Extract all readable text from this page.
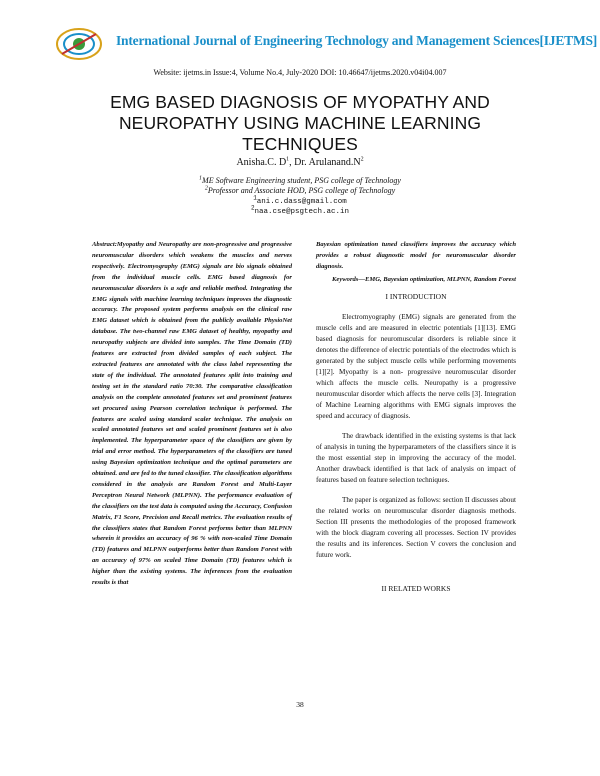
International Journal of Engineering Technology and Management Sciences[IJETMS]
Website: ijetms.in Issue:4, Volume No.4, July-2020 DOI: 10.46647/ijetms.2020.v04i04.007
EMG BASED DIAGNOSIS OF MYOPATHY AND NEUROPATHY USING MACHINE LEARNING TECHNIQUES
Anisha.C. $D^1$, Dr. $Arulanand.N^2$
$^1$ME Software Engineering student, PSG college of Technology
$^2$Professor and Associate HOD, PSG college of Technology
$^1$ani.c.dass@gmail.com
$^2$naa.cse@psgtech.ac.in
Abstract:Myopathy and Neuropathy are non-progressive and progressive neuromuscular disorders which weakens the muscles and nerves respectively. Electromyography (EMG) signals are bio signals obtained from the individual muscle cells. EMG based diagnosis for neuromuscular disorders is a safe and reliable method. Integrating the EMG signals with machine learning techniques improves the diagnostic accuracy. The proposed system performs analysis on the clinical raw EMG dataset which is obtained from the publicly available PhysioNet database. The two-channel raw EMG dataset of healthy, myopathy and neuropathy subjects are divided into samples. The Time Domain (TD) features are extracted from divided samples of each subject. The extracted features are annotated with the class label representing the state of the individual. The annotated features split into training and testing set in the standard ratio 70:30. The comparative classification analysis on the complete annotated features set and prominent features set procured using Pearson correlation technique is performed. The features are scaled using standard scaler technique. The analysis on scaled annotated features set and scaled prominent features set is also implemented. The hyperparameter space of the classifiers are given by trial and error method. The hyperparameters of the classifiers are tuned using Bayesian optimization technique and the optimal parameters are obtained. and are fed to the tuned classifier. The classification algorithms considered in the analysis are Random Forest and Multi-Layer Perceptron Neural Network (MLPNN). The performance evaluation of the classifiers on the test data is computed using the Accuracy, Confusion Matrix, F1 Score, Precision and Recall metrics. The evaluation results of the classifiers states that Random Forest performs better than MLPNN wherein it provides an accuracy of 96 % with non-scaled Time Domain (TD) features and MLPNN outperforms better than Random Forest with an accuracy of 97% on scaled Time Domain (TD) features which is higher than the existing systems. The inferences from the evaluation results is that
Bayesian optimization tuned classifiers improves the accuracy which provides a robust diagnostic model for neuromuscular disorder diagnosis.
Keywords—EMG, Bayesian optimization, MLPNN, Random Forest
I INTRODUCTION
Electromyography (EMG) signals are generated from the muscle cells and are measured in electric potentials [1][13]. EMG based diagnosis for neuromuscular disorders is reliable since it denotes the difference of electric potentials of the electrodes which is generated by the subject muscle cells while performing movements [1][2]. Myopathy is a non- progressive neuromuscular disorder which affects the muscle cells. Neuropathy is a progressive neuromuscular disorder which affects the nerve cells [3]. Integration of Machine Learning algorithms with EMG signals improves the speed and accuracy of diagnosis.
The drawback identified in the existing systems is that lack of analysis in tuning the hyperparameters of the classifiers since it is the most essential step in improving the accuracy of the model. Another drawback identified is that lack of analysis on impact of features based on feature selection techniques.
The paper is organized as follows: section II discusses about the related works on neuromuscular disorder diagnosis methods. Section III presents the methodologies of the proposed framework with the block diagram covering all processes. Section IV provides the results and its inferences. Section V covers the conclusion and future work.
II RELATED WORKS
38
